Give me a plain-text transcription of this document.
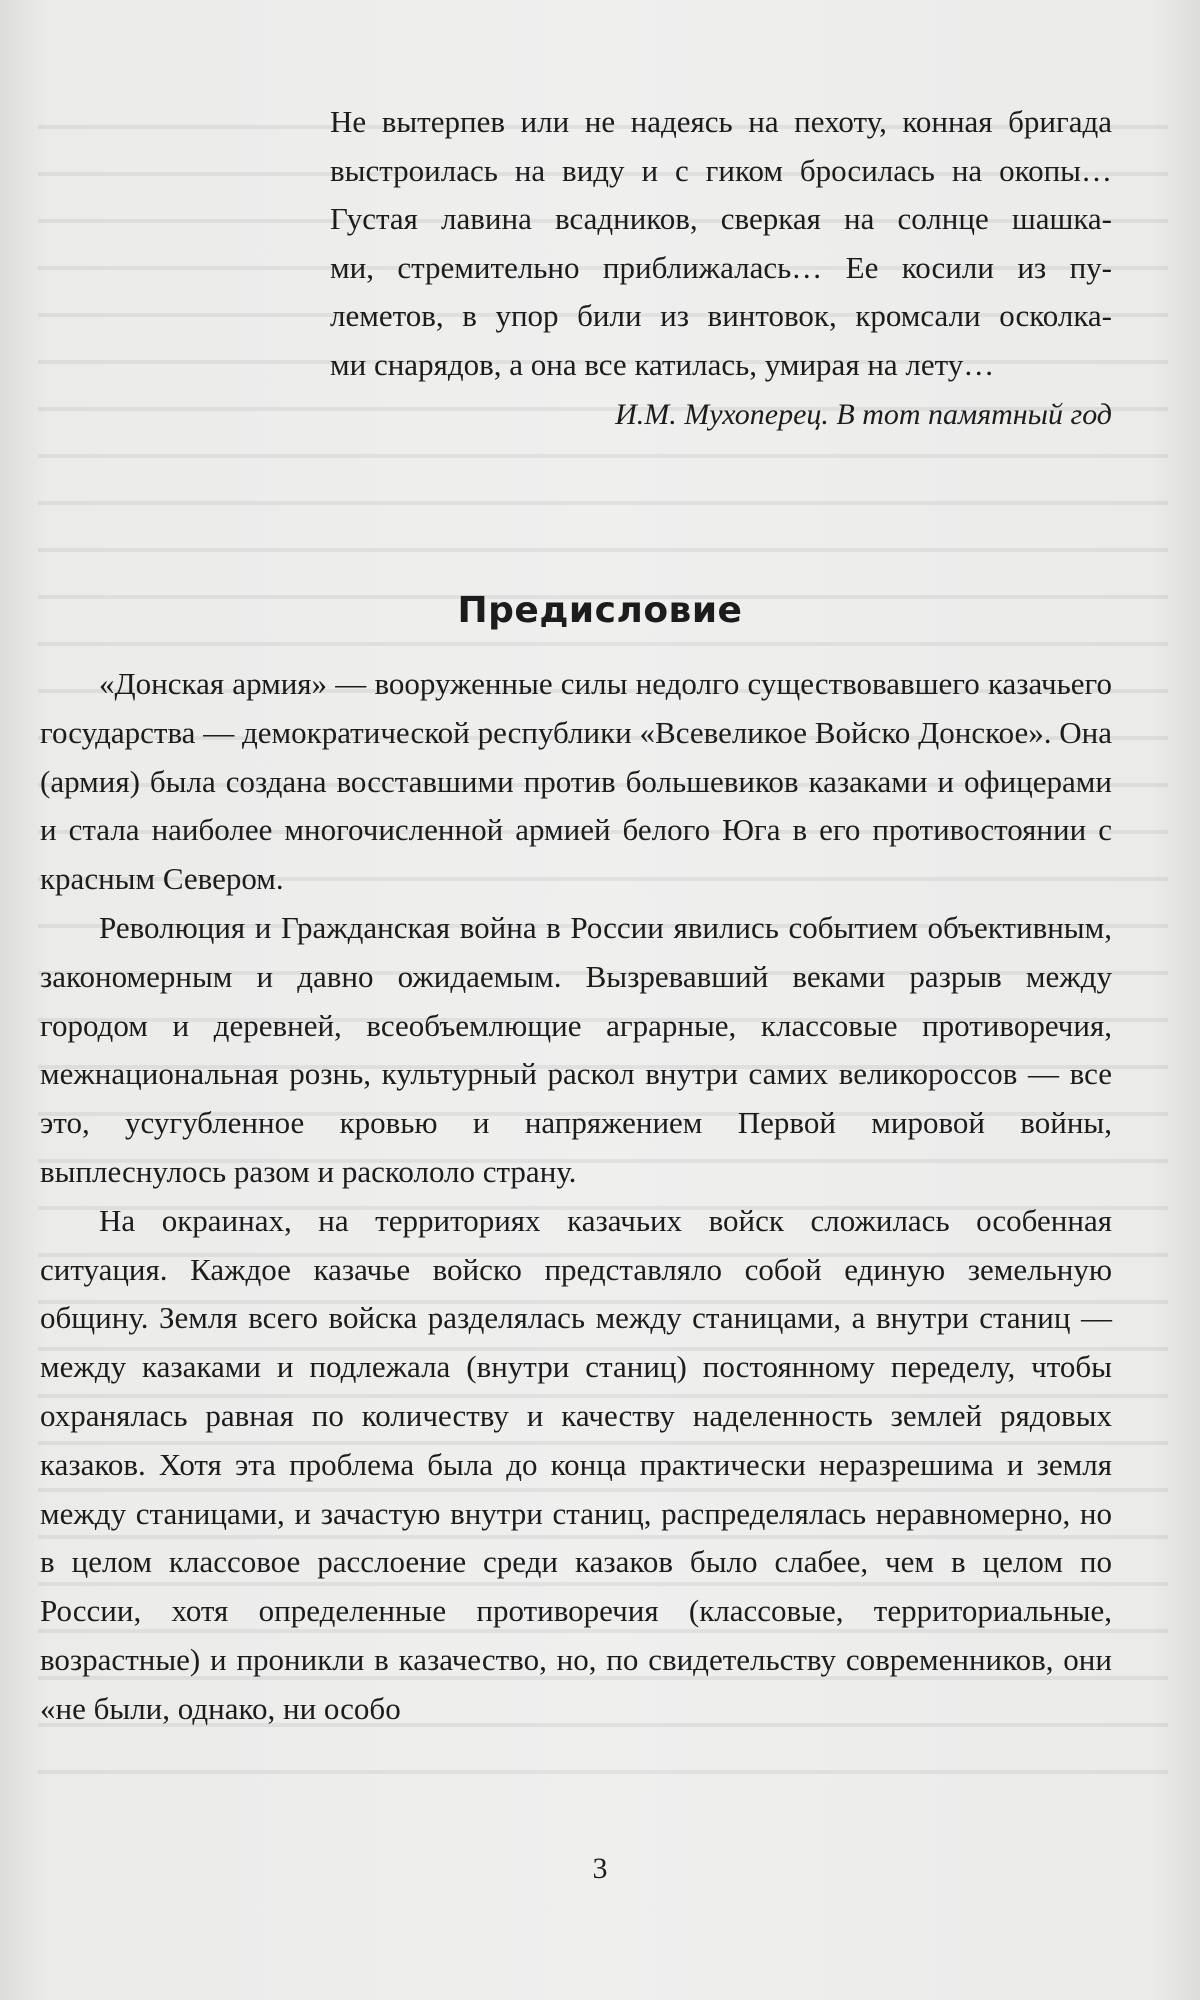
Не вытерпев или не надеясь на пехоту, конная бригада

выстроилась на виду и с гиком бросилась на окопы…

Густая лавина всадников, сверкая на солнце шашка-

ми, стремительно приближалась… Ее косили из пу-

леметов, в упор били из винтовок, кромсали осколка-

ми снарядов, а она все катилась, умирая на лету…

И.М. Мухоперец. В тот памятный год
Предисловие

«Донская армия» — вооруженные силы недолго существовавшего казачьего государства — демократической республики «Всевеликое Войско Донское». Она (армия) была создана восставшими против большевиков казаками и офицерами и стала наиболее многочисленной армией белого Юга в его противостоянии с красным Севером.

Революция и Гражданская война в России явились событием объективным, закономерным и давно ожидаемым. Вызревавший веками разрыв между городом и деревней, всеобъемлющие аграрные, классовые противоречия, межнациональная рознь, культурный раскол внутри самих великороссов — все это, усугубленное кровью и напряжением Первой мировой войны, выплеснулось разом и раскололо страну.

На окраинах, на территориях казачьих войск сложилась особенная ситуация. Каждое казачье войско представляло собой единую земельную общину. Земля всего войска разделялась между станицами, а внутри станиц — между казаками и подлежала (внутри станиц) постоянному переделу, чтобы охранялась равная по количеству и качеству наделенность землей рядовых казаков. Хотя эта проблема была до конца практически неразрешима и земля между станицами, и зачастую внутри станиц, распределялась неравномерно, но в целом классовое расслоение среди казаков было слабее, чем в целом по России, хотя определенные противоречия (классовые, территориальные, возрастные) и проникли в казачество, но, по свидетельству современников, они «не были, однако, ни особо

3
